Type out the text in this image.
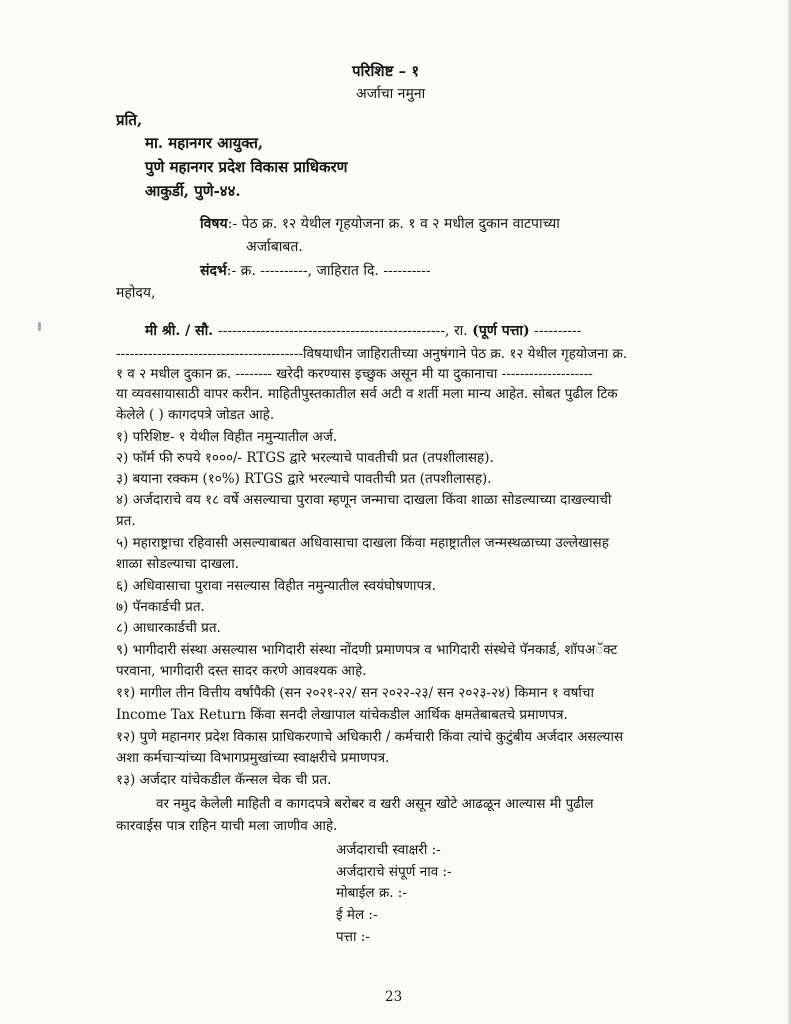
परिशिष्ट – १
अर्जाचा नमुना
प्रति,
मा. महानगर आयुक्त,
पुणे महानगर प्रदेश विकास प्राधिकरण
आकुर्डी, पुणे-४४.
विषय:- पेठ क्र. १२ येथील गृहयोजना क्र. १ व २ मधील दुकान वाटपाच्या
अर्जाबाबत.
संदर्भ:- क्र. ----------, जाहिरात दि. ----------
महोदय,
मी श्री. / सौ. ------------------------------------------------, रा. (पूर्ण पत्ता) ----------
-----------------------------------------विषयाधीन जाहिरातीच्या अनुषंगाने पेठ क्र. १२ येथील गृहयोजना क्र.
१ व २ मधील दुकान क्र. -------- खरेदी करण्यास इच्छुक असून मी या दुकानाचा --------------------
या व्यवसायासाठी वापर करीन. माहितीपुस्तकातील सर्व अटी व शर्ती मला मान्य आहेत. सोबत पुढील टिक
केलेले ( ) कागदपत्रे जोडत आहे.
१) परिशिष्ट- १ येथील विहीत नमुन्यातील अर्ज.
२) फॉर्म फी रुपये १०००/- RTGS द्वारे भरल्याचे पावतीची प्रत (तपशीलासह).
३) बयाना रक्कम (१०%) RTGS द्वारे भरल्याचे पावतीची प्रत (तपशीलासह).
४) अर्जदाराचे वय १८ वर्षे असल्याचा पुरावा म्हणून जन्माचा दाखला किंवा शाळा सोडल्याच्या दाखल्याची
प्रत.
५) महाराष्ट्राचा रहिवासी असल्याबाबत अधिवासाचा दाखला किंवा महाष्ट्रातील जन्मस्थळाच्या उल्लेखासह
शाळा सोडल्याचा दाखला.
६) अधिवासाचा पुरावा नसल्यास विहीत नमुन्यातील स्वयंघोषणापत्र.
७) पॅनकार्डची प्रत.
८) आधारकार्डची प्रत.
९) भागीदारी संस्था असल्यास भागिदारी संस्था नोंदणी प्रमाणपत्र व भागिदारी संस्थेचे पॅनकार्ड, शॉपअॅक्ट
परवाना, भागीदारी दस्त सादर करणे आवश्यक आहे.
११) मागील तीन वित्तीय वर्षापैकी (सन २०२१-२२/ सन २०२२-२३/ सन २०२३-२४) किमान १ वर्षाचा
Income Tax Return किंवा सनदी लेखापाल यांचेकडील आर्थिक क्षमतेबाबतचे प्रमाणपत्र.
१२) पुणे महानगर प्रदेश विकास प्राधिकरणाचे अधिकारी / कर्मचारी किंवा त्यांचे कुटुंबीय अर्जदार असल्यास
अशा कर्मचाऱ्यांच्या विभागप्रमुखांच्या स्वाक्षरीचे प्रमाणपत्र.
१३) अर्जदार यांचेकडील कॅन्सल चेक ची प्रत.
वर नमुद केलेली माहिती व कागदपत्रे बरोबर व खरी असून खोटे आढळून आल्यास मी पुढील
कारवाईस पात्र राहिन याची मला जाणीव आहे.
अर्जदाराची स्वाक्षरी :-
अर्जदाराचे संपूर्ण नाव :-
मोबाईल क्र. :-
ई मेल :-
पत्ता :-
23
